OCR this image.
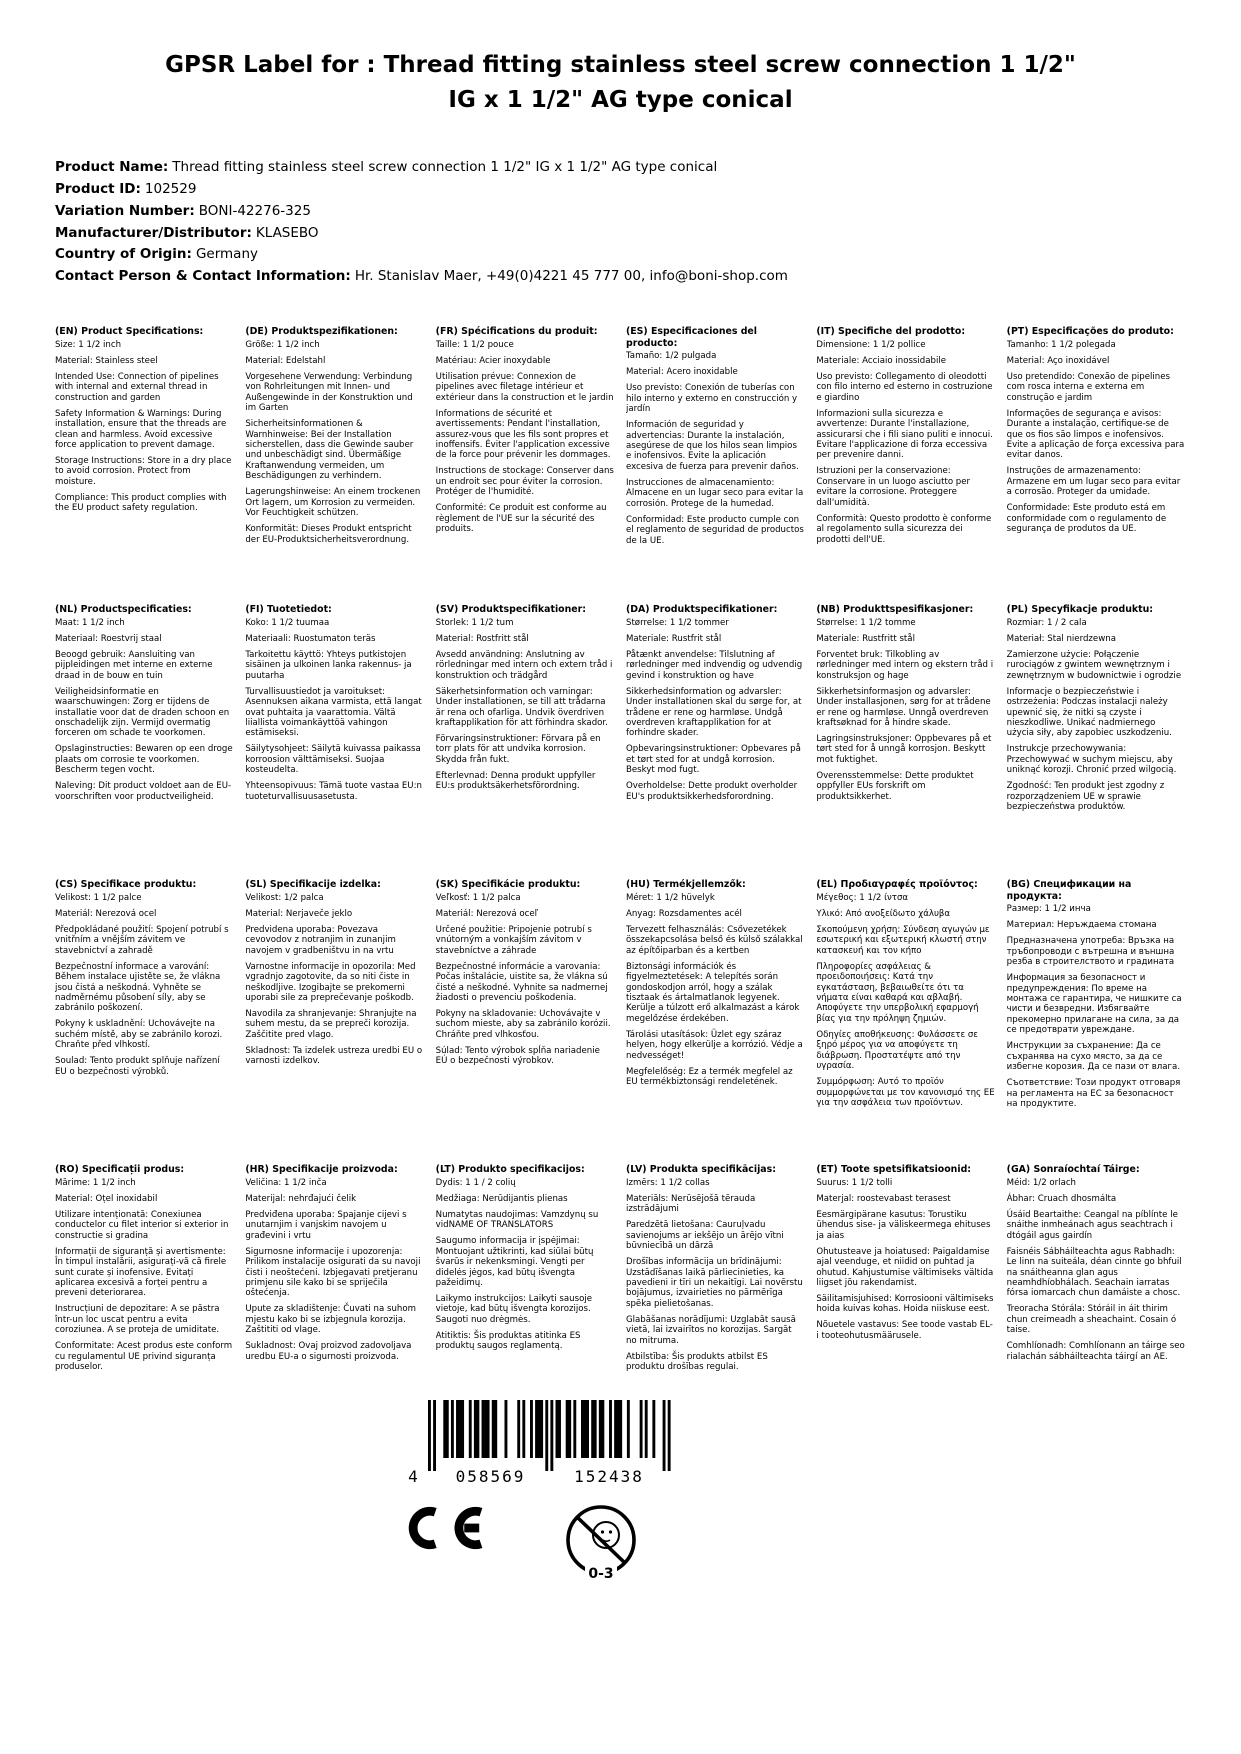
GPSR Label for : Thread fitting stainless steel screw connection 1 1/2" IG x 1 1/2" AG type conical
Product Name: Thread fitting stainless steel screw connection 1 1/2" IG x 1 1/2" AG type conical
Product ID: 102529
Variation Number: BONI-42276-325
Manufacturer/Distributor: KLASEBO
Country of Origin: Germany
Contact Person & Contact Information: Hr. Stanislav Maer, +49(0)4221 45 777 00, info@boni-shop.com
(EN) Product Specifications:

Size: 1 1/2 inch

Material: Stainless steel

Intended Use: Connection of pipelines with internal and external thread in construction and garden

Safety Information & Warnings: During installation, ensure that the threads are clean and harmless. Avoid excessive force application to prevent damage.

Storage Instructions: Store in a dry place to avoid corrosion. Protect from moisture.

Compliance: This product complies with the EU product safety regulation.

(DE) Produktspezifikationen:

Größe: 1 1/2 inch

Material: Edelstahl

Vorgesehene Verwendung: Verbindung von Rohrleitungen mit Innen- und Außengewinde in der Konstruktion und im Garten

Sicherheitsinformationen & Warnhinweise: Bei der Installation sicherstellen, dass die Gewinde sauber und unbeschädigt sind. Übermäßige Kraftanwendung vermeiden, um Beschädigungen zu verhindern.

Lagerungshinweise: An einem trockenen Ort lagern, um Korrosion zu vermeiden. Vor Feuchtigkeit schützen.

Konformität: Dieses Produkt entspricht der EU-Produktsicherheitsverordnung.

(FR) Spécifications du produit:

Taille: 1 1/2 pouce

Matériau: Acier inoxydable

Utilisation prévue: Connexion de pipelines avec filetage intérieur et extérieur dans la construction et le jardin

Informations de sécurité et avertissements: Pendant l'installation, assurez-vous que les fils sont propres et inoffensifs. Éviter l'application excessive de la force pour prévenir les dommages.

Instructions de stockage: Conserver dans un endroit sec pour éviter la corrosion. Protéger de l'humidité.

Conformité: Ce produit est conforme au règlement de l'UE sur la sécurité des produits.

(ES) Especificaciones del producto:

Tamaño: 1/2 pulgada

Material: Acero inoxidable

Uso previsto: Conexión de tuberías con hilo interno y externo en construcción y jardín

Información de seguridad y advertencias: Durante la instalación, asegúrese de que los hilos sean limpios e inofensivos. Evite la aplicación excesiva de fuerza para prevenir daños.

Instrucciones de almacenamiento: Almacene en un lugar seco para evitar la corrosión. Protege de la humedad.

Conformidad: Este producto cumple con el reglamento de seguridad de productos de la UE.

(IT) Specifiche del prodotto:

Dimensione: 1 1/2 pollice

Materiale: Acciaio inossidabile

Uso previsto: Collegamento di oleodotti con filo interno ed esterno in costruzione e giardino

Informazioni sulla sicurezza e avvertenze: Durante l'installazione, assicurarsi che i fili siano puliti e innocui. Evitare l'applicazione di forza eccessiva per prevenire danni.

Istruzioni per la conservazione: Conservare in un luogo asciutto per evitare la corrosione. Proteggere dall'umidità.

Conformità: Questo prodotto è conforme al regolamento sulla sicurezza dei prodotti dell'UE.

(PT) Especificações do produto:

Tamanho: 1 1/2 polegada

Material: Aço inoxidável

Uso pretendido: Conexão de pipelines com rosca interna e externa em construção e jardim

Informações de segurança e avisos: Durante a instalação, certifique-se de que os fios são limpos e inofensivos. Evite a aplicação de força excessiva para evitar danos.

Instruções de armazenamento: Armazene em um lugar seco para evitar a corrosão. Proteger da umidade.

Conformidade: Este produto está em conformidade com o regulamento de segurança de produtos da UE.

(NL) Productspecificaties:

Maat: 1 1/2 inch

Materiaal: Roestvrij staal

Beoogd gebruik: Aansluiting van pijpleidingen met interne en externe draad in de bouw en tuin

Veiligheidsinformatie en waarschuwingen: Zorg er tijdens de installatie voor dat de draden schoon en onschadelijk zijn. Vermijd overmatig forceren om schade te voorkomen.

Opslaginstructies: Bewaren op een droge plaats om corrosie te voorkomen. Bescherm tegen vocht.

Naleving: Dit product voldoet aan de EU-voorschriften voor productveiligheid.

(FI) Tuotetiedot:

Koko: 1 1/2 tuumaa

Materiaali: Ruostumaton teräs

Tarkoitettu käyttö: Yhteys putkistojen sisäinen ja ulkoinen lanka rakennus- ja puutarha

Turvallisuustiedot ja varoitukset: Asennuksen aikana varmista, että langat ovat puhtaita ja vaarattomia. Vältä liiallista voimankäyttöä vahingon estämiseksi.

Säilytysohjeet: Säilytä kuivassa paikassa korroosion välttämiseksi. Suojaa kosteudelta.

Yhteensopivuus: Tämä tuote vastaa EU:n tuoteturvallisuusasetusta.

(SV) Produktspecifikationer:

Storlek: 1 1/2 tum

Material: Rostfritt stål

Avsedd användning: Anslutning av rörledningar med intern och extern tråd i konstruktion och trädgård

Säkerhetsinformation och varningar: Under installationen, se till att trådarna är rena och ofarliga. Undvik överdriven kraftapplikation för att förhindra skador.

Förvaringsinstruktioner: Förvara på en torr plats för att undvika korrosion. Skydda från fukt.

Efterlevnad: Denna produkt uppfyller EU:s produktsäkerhetsförordning.

(DA) Produktspecifikationer:

Størrelse: 1 1/2 tommer

Materiale: Rustfrit stål

Påtænkt anvendelse: Tilslutning af rørledninger med indvendig og udvendig gevind i konstruktion og have

Sikkerhedsinformation og advarsler: Under installationen skal du sørge for, at trådene er rene og harmløse. Undgå overdreven kraftapplikation for at forhindre skader.

Opbevaringsinstruktioner: Opbevares på et tørt sted for at undgå korrosion. Beskyt mod fugt.

Overholdelse: Dette produkt overholder EU's produktsikkerhedsforordning.

(NB) Produkttspesifikasjoner:

Størrelse: 1 1/2 tomme

Materiale: Rustfritt stål

Forventet bruk: Tilkobling av rørledninger med intern og ekstern tråd i konstruksjon og hage

Sikkerhetsinformasjon og advarsler: Under installasjonen, sørg for at trådene er rene og harmløse. Unngå overdreven kraftsøknad for å hindre skade.

Lagringsinstruksjoner: Oppbevares på et tørt sted for å unngå korrosjon. Beskytt mot fuktighet.

Overensstemmelse: Dette produktet oppfyller EUs forskrift om produktsikkerhet.

(PL) Specyfikacje produktu:

Rozmiar: 1 / 2 cala

Materiał: Stal nierdzewna

Zamierzone użycie: Połączenie rurociągów z gwintem wewnętrznym i zewnętrznym w budownictwie i ogrodzie

Informacje o bezpieczeństwie i ostrzeżenia: Podczas instalacji należy upewnić się, że nitki są czyste i nieszkodliwe. Unikać nadmiernego użycia siły, aby zapobiec uszkodzeniu.

Instrukcje przechowywania: Przechowywać w suchym miejscu, aby uniknąć korozji. Chronić przed wilgocią.

Zgodność: Ten produkt jest zgodny z rozporządzeniem UE w sprawie bezpieczeństwa produktów.

(CS) Specifikace produktu:

Velikost: 1 1/2 palce

Materiál: Nerezová ocel

Předpokládané použití: Spojení potrubí s vnitřním a vnějším závitem ve stavebnictví a zahradě

Bezpečnostní informace a varování: Během instalace ujistěte se, že vlákna jsou čistá a neškodná. Vyhněte se nadměrnému působení síly, aby se zabránilo poškození.

Pokyny k uskladnění: Uchovávejte na suchém místě, aby se zabránilo korozi. Chraňte před vlhkostí.

Soulad: Tento produkt splňuje nařízení EU o bezpečnosti výrobků.

(SL) Specifikacije izdelka:

Velikost: 1/2 palca

Material: Nerjaveče jeklo

Predvidena uporaba: Povezava cevovodov z notranjim in zunanjim navojem v gradbeništvu in na vrtu

Varnostne informacije in opozorila: Med vgradnjo zagotovite, da so niti čiste in neškodljive. Izogibajte se prekomerni uporabi sile za preprečevanje poškodb.

Navodila za shranjevanje: Shranjujte na suhem mestu, da se prepreči korozija. Zaščitite pred vlago.

Skladnost: Ta izdelek ustreza uredbi EU o varnosti izdelkov.

(SK) Špecifikácie produktu:

Veľkosť: 1 1/2 palca

Materiál: Nerezová oceľ

Určené použitie: Pripojenie potrubí s vnútorným a vonkajším závitom v stavebníctve a záhrade

Bezpečnostné informácie a varovania: Počas inštalácie, uistite sa, že vlákna sú čisté a neškodné. Vyhnite sa nadmernej žiadosti o prevenciu poškodenia.

Pokyny na skladovanie: Uchovávajte v suchom mieste, aby sa zabránilo korózii. Chráňte pred vlhkosťou.

Súlad: Tento výrobok spĺňa nariadenie EÚ o bezpečnosti výrobkov.

(HU) Termékjellemzők:

Méret: 1 1/2 hüvelyk

Anyag: Rozsdamentes acél

Tervezett felhasználás: Csővezetékek összekapcsolása belső és külső szálakkal az építőiparban és a kertben

Biztonsági információk és figyelmeztetések: A telepítés során gondoskodjon arról, hogy a szálak tisztaak és ártalmatlanok legyenek. Kerülje a túlzott erő alkalmazást a károk megelőzése érdekében.

Tárolási utasítások: Üzlet egy száraz helyen, hogy elkerülje a korrózió. Védje a nedvességet!

Megfelelőség: Ez a termék megfelel az EU termékbiztonsági rendeletének.

(EL) Προδιαγραφές προϊόντος:

Μέγεθος: 1 1/2 ίντσα

Υλικό: Από ανοξείδωτο χάλυβα

Σκοπούμενη χρήση: Σύνδεση αγωγών με εσωτερική και εξωτερική κλωστή στην κατασκευή και τον κήπο

Πληροφορίες ασφάλειας & προειδοποιήσεις: Κατά την εγκατάσταση, βεβαιωθείτε ότι τα νήματα είναι καθαρά και αβλαβή. Αποφύγετε την υπερβολική εφαρμογή βίας για την πρόληψη ζημιών.

Οδηγίες αποθήκευσης: Φυλάσσετε σε ξηρό μέρος για να αποφύγετε τη διάβρωση. Προστατέψτε από την υγρασία.

Συμμόρφωση: Αυτό το προϊόν συμμορφώνεται με τον κανονισμό της ΕΕ για την ασφάλεια των προϊόντων.

(BG) Спецификации на продукта:

Размер: 1 1/2 инча

Материал: Неръждаема стомана

Предназначена употреба: Връзка на тръбопроводи с вътрешна и външна резба в строителството и градината

Информация за безопасност и предупреждения: По време на монтажа се гарантира, че нишките са чисти и безвредни. Избягвайте прекомерно прилагане на сила, за да се предотврати увреждане.

Инструкции за съхранение: Да се съхранява на сухо място, за да се избегне корозия. Да се пази от влага.

Съответствие: Този продукт отговаря на регламента на ЕС за безопасност на продуктите.

(RO) Specificații produs:

Mărime: 1 1/2 inch

Material: Oțel inoxidabil

Utilizare intenționată: Conexiunea conductelor cu filet interior si exterior in constructie si gradina

Informații de siguranță și avertismente: În timpul instalării, asigurați-vă că firele sunt curate și inofensive. Evitați aplicarea excesivă a forței pentru a preveni deteriorarea.

Instrucțiuni de depozitare: A se păstra într-un loc uscat pentru a evita coroziunea. A se proteja de umiditate.

Conformitate: Acest produs este conform cu regulamentul UE privind siguranța produselor.

(HR) Specifikacije proizvoda:

Veličina: 1 1/2 inča

Materijal: nehrđajući čelik

Predviđena uporaba: Spajanje cijevi s unutarnjim i vanjskim navojem u građevini i vrtu

Sigurnosne informacije i upozorenja: Prilikom instalacije osigurati da su navoji čisti i neoštećeni. Izbjegavati pretjeranu primjenu sile kako bi se spriječila oštećenja.

Upute za skladištenje: Čuvati na suhom mjestu kako bi se izbjegnula korozija. Zaštititi od vlage.

Sukladnost: Ovaj proizvod zadovoljava uredbu EU-a o sigurnosti proizvoda.

(LT) Produkto specifikacijos:

Dydis: 1 1 / 2 colių

Medžiaga: Nerūdijantis plienas

Numatytas naudojimas: Vamzdynų su vidNAME OF TRANSLATORS

Saugumo informacija ir įspėjimai: Montuojant užtikrinti, kad siūlai būtų švarūs ir nekenksmingi. Vengti per didelės jėgos, kad būtų išvengta pažeidimų.

Laikymo instrukcijos: Laikyti sausoje vietoje, kad būtų išvengta korozijos. Saugoti nuo drėgmės.

Atitiktis: Šis produktas atitinka ES produktų saugos reglamentą.

(LV) Produkta specifikācijas:

Izmērs: 1 1/2 collas

Materiāls: Nerūsējošā tērauda izstrādājumi

Paredzētā lietošana: Cauruļvadu savienojums ar iekšējo un ārējo vītni būvniecībā un dārzā

Drošības informācija un brīdinājumi: Uzstādīšanas laikā pārliecinieties, ka pavedieni ir tīri un nekaitīgi. Lai novērstu bojājumus, izvairieties no pārmērīga spēka pielietošanas.

Glabāšanas norādījumi: Uzglabāt sausā vietā, lai izvairītos no korozijas. Sargāt no mitruma.

Atbilstība: Šis produkts atbilst ES produktu drošības regulai.

(ET) Toote spetsifikatsioonid:

Suurus: 1 1/2 tolli

Materjal: roostevabast terasest

Eesmärgipärane kasutus: Torustiku ühendus sise- ja väliskeermega ehituses ja aias

Ohutusteave ja hoiatused: Paigaldamise ajal veenduge, et niidid on puhtad ja ohutud. Kahjustumise vältimiseks vältida liigset jõu rakendamist.

Säilitamisjuhised: Korrosiooni vältimiseks hoida kuivas kohas. Hoida niiskuse eest.

Nõuetele vastavus: See toode vastab EL-i tooteohutusmäärusele.

(GA) Sonraíochtaí Táirge:

Méid: 1/2 orlach

Ábhar: Cruach dhosmálta

Úsáid Beartaithe: Ceangal na píblínte le snáithe inmheánach agus seachtrach i dtógáil agus gairdín

Faisnéis Sábháilteachta agus Rabhadh: Le linn na suiteála, déan cinnte go bhfuil na snáitheanna glan agus neamhdhíobhálach. Seachain iarratas fórsa iomarcach chun damáiste a chosc.

Treoracha Stórála: Stóráil in áit thirim chun creimeadh a sheachaint. Cosain ó taise.

Comhlíonadh: Comhlíonann an táirge seo rialachán sábháilteachta táirgí an AE.

4 058569	152438
0-3
